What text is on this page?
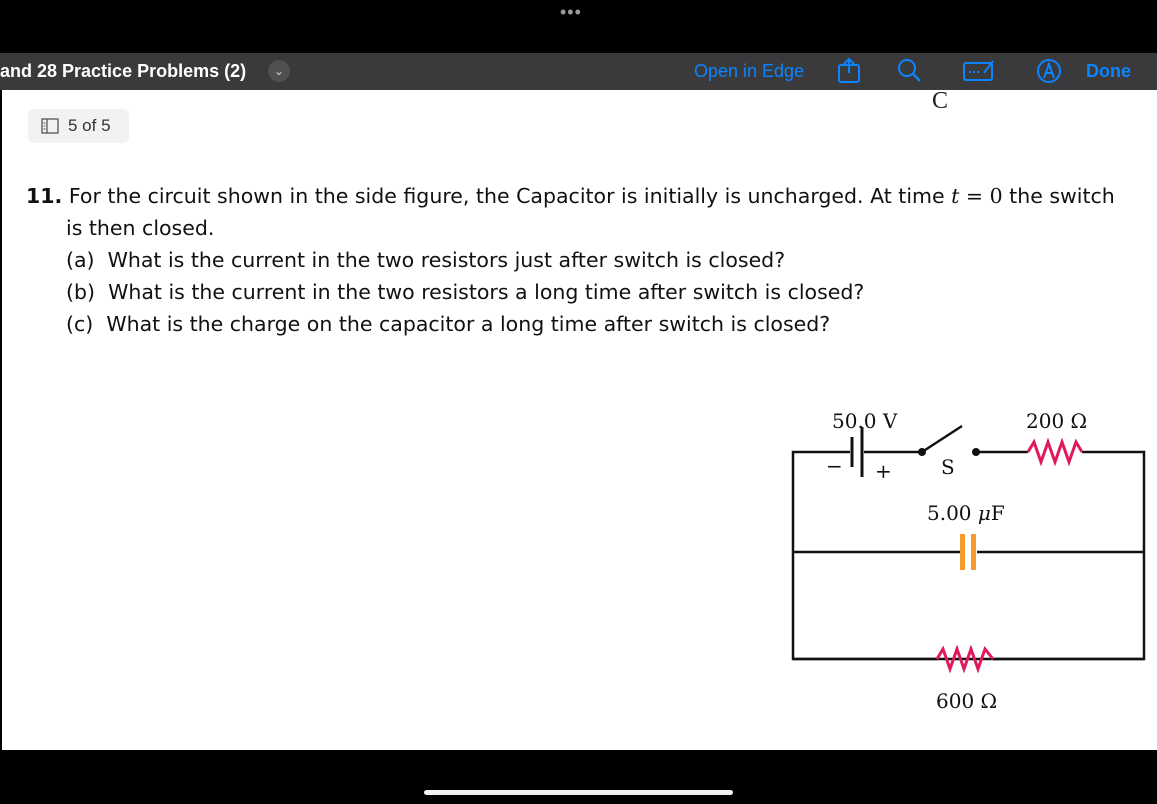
•••
and 28 Practice Problems (2)	⌄	Open in Edge	Done
C
5 of 5
11. For the circuit shown in the side figure, the Capacitor is initially is uncharged. At time t = 0 the switch
is then closed.
(a) What is the current in the two resistors just after switch is closed?
(b) What is the current in the two resistors a long time after switch is closed?
(c) What is the charge on the capacitor a long time after switch is closed?
50.0 V
− + S
200 Ω
5.00 μF
600 Ω
